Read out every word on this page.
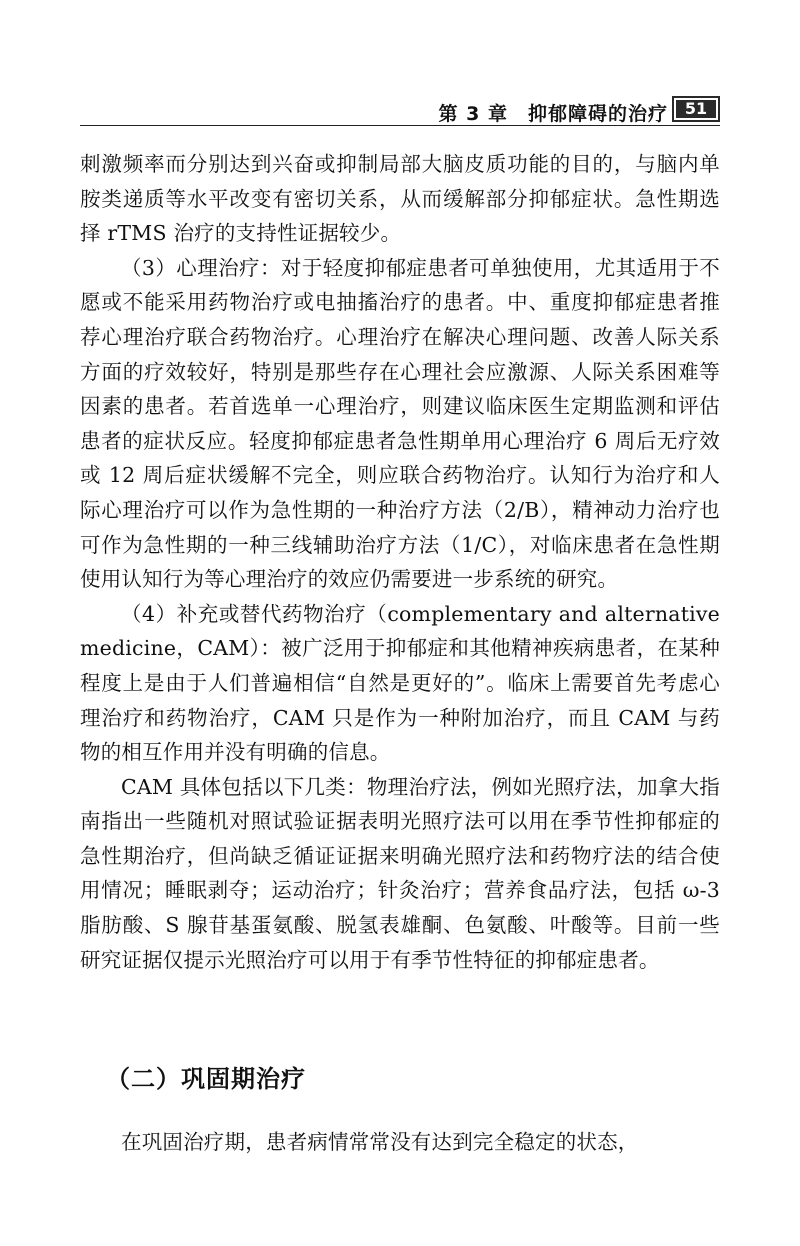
第 3 章　抑郁障碍的治疗	51

刺激频率而分别达到兴奋或抑制局部大脑皮质功能的目的，与脑内单胺类递质等水平改变有密切关系，从而缓解部分抑郁症状。急性期选择 rTMS 治疗的支持性证据较少。

（3）心理治疗：对于轻度抑郁症患者可单独使用，尤其适用于不愿或不能采用药物治疗或电抽搐治疗的患者。中、重度抑郁症患者推荐心理治疗联合药物治疗。心理治疗在解决心理问题、改善人际关系方面的疗效较好，特别是那些存在心理社会应激源、人际关系困难等因素的患者。若首选单一心理治疗，则建议临床医生定期监测和评估患者的症状反应。轻度抑郁症患者急性期单用心理治疗 6 周后无疗效或 12 周后症状缓解不完全，则应联合药物治疗。认知行为治疗和人际心理治疗可以作为急性期的一种治疗方法（2/B），精神动力治疗也可作为急性期的一种三线辅助治疗方法（1/C），对临床患者在急性期使用认知行为等心理治疗的效应仍需要进一步系统的研究。

（4）补充或替代药物治疗（complementary and alternative medicine，CAM）：被广泛用于抑郁症和其他精神疾病患者，在某种程度上是由于人们普遍相信“自然是更好的”。临床上需要首先考虑心理治疗和药物治疗，CAM 只是作为一种附加治疗，而且 CAM 与药物的相互作用并没有明确的信息。

CAM 具体包括以下几类：物理治疗法，例如光照疗法，加拿大指南指出一些随机对照试验证据表明光照疗法可以用在季节性抑郁症的急性期治疗，但尚缺乏循证证据来明确光照疗法和药物疗法的结合使用情况；睡眠剥夺；运动治疗；针灸治疗；营养食品疗法，包括 ω-3 脂肪酸、S 腺苷基蛋氨酸、脱氢表雄酮、色氨酸、叶酸等。目前一些研究证据仅提示光照治疗可以用于有季节性特征的抑郁症患者。

（二）巩固期治疗

在巩固治疗期，患者病情常常没有达到完全稳定的状态，
